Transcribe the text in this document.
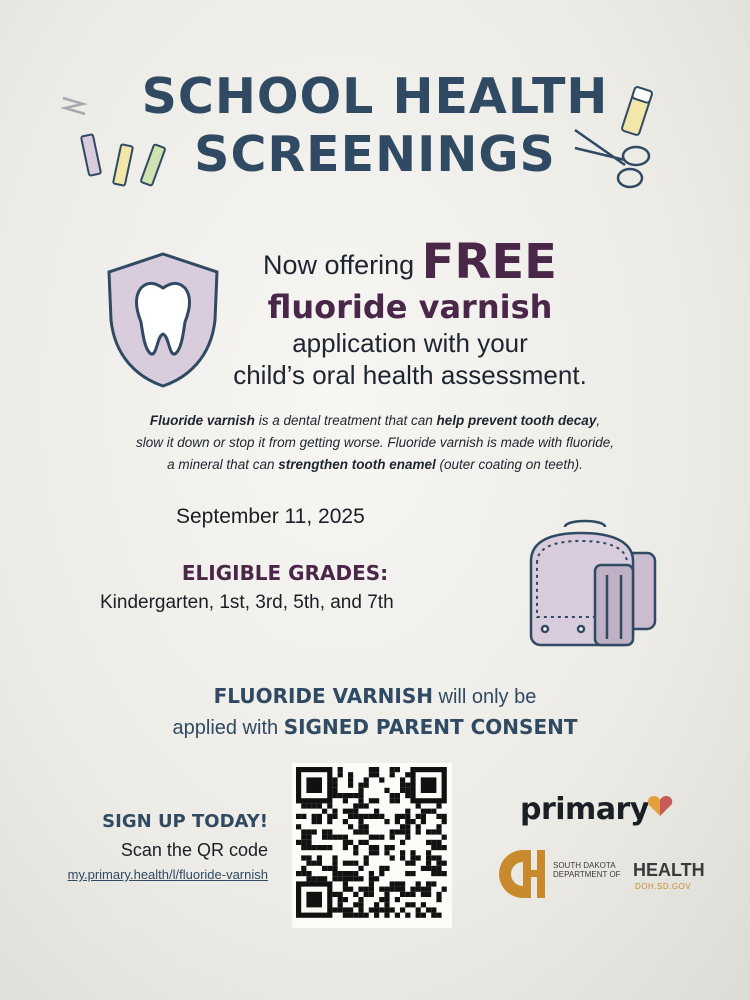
SCHOOL HEALTH
SCREENINGS
Now offering FREE
fluoride varnish
application with your
child’s oral health assessment.
Fluoride varnish is a dental treatment that can help prevent tooth decay,
slow it down or stop it from getting worse. Fluoride varnish is made with fluoride,
a mineral that can strengthen tooth enamel (outer coating on teeth).
September 11, 2025
ELIGIBLE GRADES:
Kindergarten, 1st, 3rd, 5th, and 7th
FLUORIDE VARNISH will only be
applied with SIGNED PARENT CONSENT
SIGN UP TODAY!
Scan the QR code
my.primary.health/l/fluoride-varnish
primary
SOUTH DAKOTA
DEPARTMENT OF HEALTH
DOH.SD.GOV
